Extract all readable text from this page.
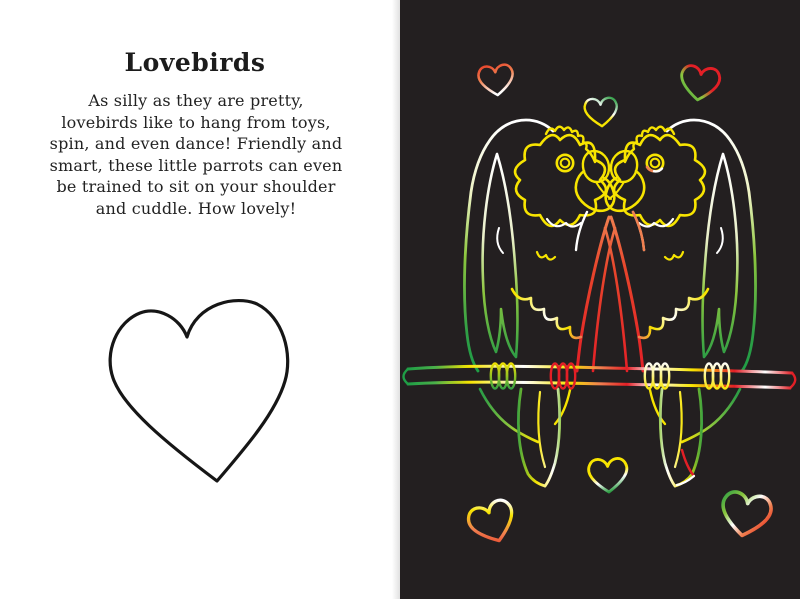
Lovebirds
As silly as they are pretty,
lovebirds like to hang from toys,
spin, and even dance! Friendly and
smart, these little parrots can even
be trained to sit on your shoulder
and cuddle. How lovely!
